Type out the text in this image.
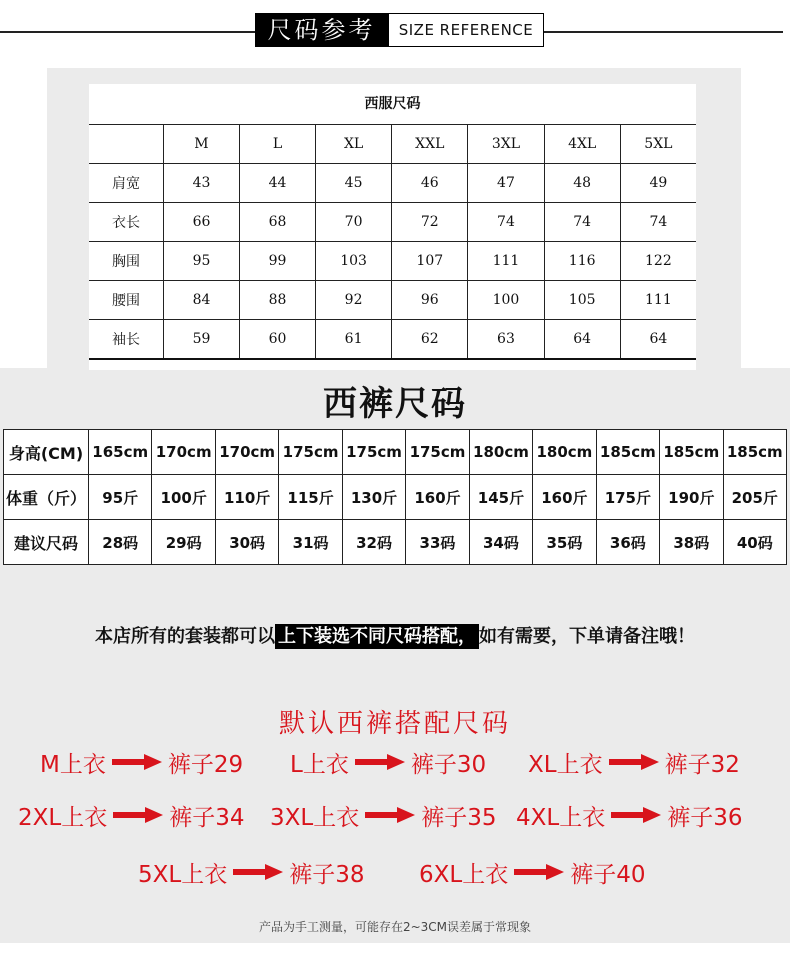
尺码参考	SIZE REFERENCE
西服尺码
	M	L	XL	XXL	3XL	4XL	5XL
肩宽	43	44	45	46	47	48	49
衣长	66	68	70	72	74	74	74
胸围	95	99	103	107	111	116	122
腰围	84	88	92	96	100	105	111
袖长	59	60	61	62	63	64	64
西裤尺码
身高(CM)	165cm	170cm	170cm	175cm	175cm	175cm	180cm	180cm	185cm	185cm	185cm
体重（斤）	95斤	100斤	110斤	115斤	130斤	160斤	145斤	160斤	175斤	190斤	205斤
建议尺码	28码	29码	30码	31码	32码	33码	34码	35码	36码	38码	40码
本店所有的套装都可以 上下装选不同尺码搭配， 如有需要，下单请备注哦！
默认西裤搭配尺码
M上衣	裤子29 L上衣	裤子30 XL上衣	裤子32
2XL上衣	裤子34 3XL上衣	裤子35 4XL上衣	裤子36
5XL上衣	裤子38 6XL上衣	裤子40
产品为手工测量，可能存在2~3CM误差属于常现象
